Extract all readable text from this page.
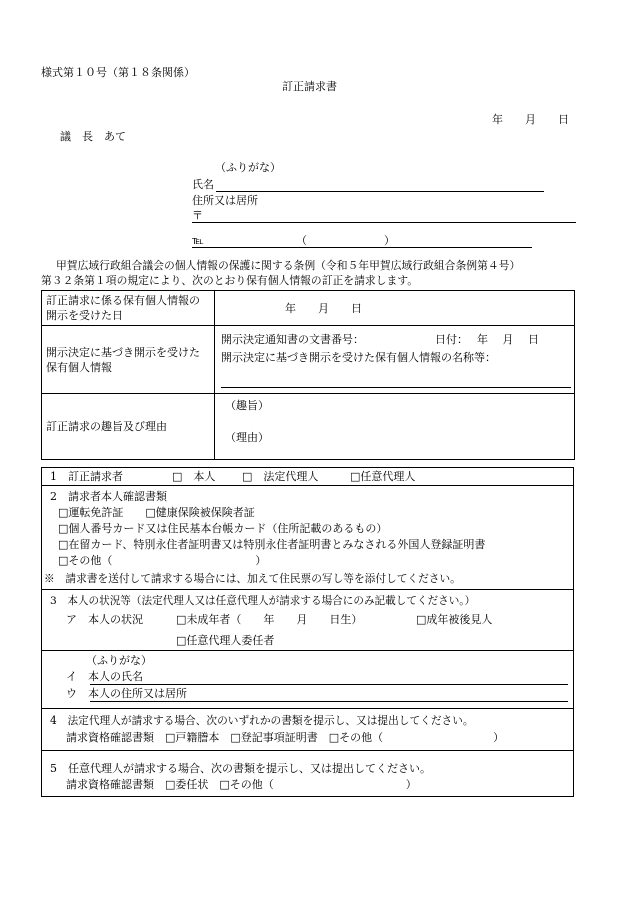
様式第１０号（第１８条関係）
訂正請求書
年　　月　　日
議　長　あて
（ふりがな）
氏名
住所又は居所
〒
℡	（　　　　　　　）
甲賀広域行政組合議会の個人情報の保護に関する条例（令和５年甲賀広域行政組合条例第４号）
第３２条第１項の規定により、次のとおり保有個人情報の訂正を請求します。
訂正請求に係る保有個人情報の開示を受けた日	年　　月　　日
開示決定に基づき開示を受けた保有個人情報	開示決定通知書の文書番号： 日付：　 年　 月　 日
開示決定に基づき開示を受けた保有個人情報の名称等：

訂正請求の趣旨及び理由	（趣旨）
（理由）
1　訂正請求者	□　本人 □　法定代理人	□任意代理人
2　請求者本人確認書類
□運転免許証　　□健康保険被保険者証
□個人番号カード又は住民基本台帳カード（住所記載のあるもの）
□在留カード、特別永住者証明書又は特別永住者証明書とみなされる外国人登録証明書
□その他（　　　　　　　　　　　　　）
※　請求書を送付して請求する場合には、加えて住民票の写し等を添付してください。
3　本人の状況等（法定代理人又は任意代理人が請求する場合にのみ記載してください。）
ア　本人の状況	□未成年者（　　年　　月　　日生）	□成年被後見人
□任意代理人委任者
（ふりがな）
イ　本人の氏名
ウ　本人の住所又は居所
4　法定代理人が請求する場合、次のいずれかの書類を提示し、又は提出してください。
請求資格確認書類　□戸籍謄本　□登記事項証明書　□その他（　　　　　　　　　　）
5　任意代理人が請求する場合、次の書類を提示し、又は提出してください。
請求資格確認書類　□委任状　□その他（　　　　　　　　　　　　）
